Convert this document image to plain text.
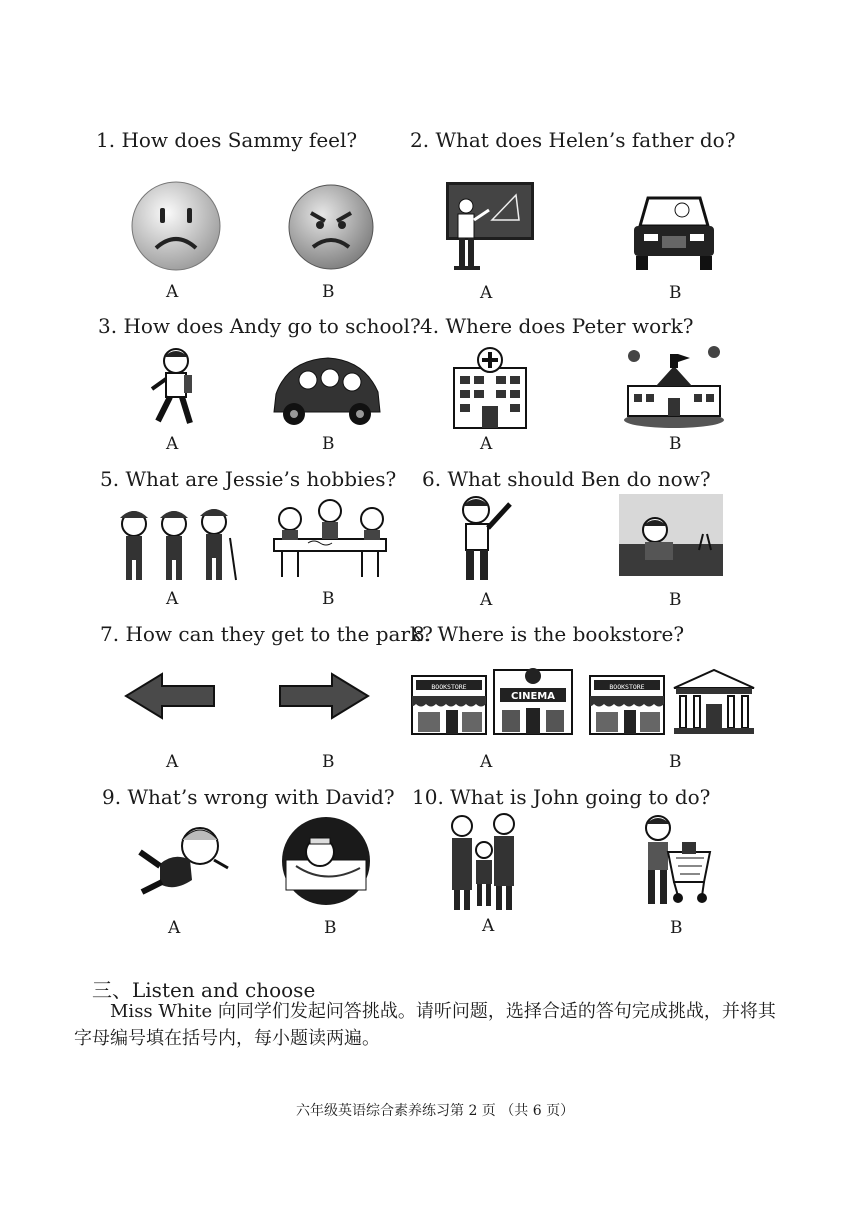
1. How does Sammy feel?
A	B
2. What does Helen’s father do?
A	B
3. How does Andy go to school?
A	B
4. Where does Peter work?
A	B
5. What are Jessie’s hobbies?
A	B
6. What should Ben do now?
A	B
7. How can they get to the park?
A	B
8. Where is the bookstore?
BOOKSTORE
CINEMA
BOOKSTORE
A	B
9. What’s wrong with David?
A	B
10. What is John going to do?
A	B
三、Listen and choose
Miss White 向同学们发起问答挑战。请听问题，选择合适的答句完成挑战，并将其
字母编号填在括号内，每小题读两遍。
六年级英语综合素养练习第 2 页 （共 6 页）
